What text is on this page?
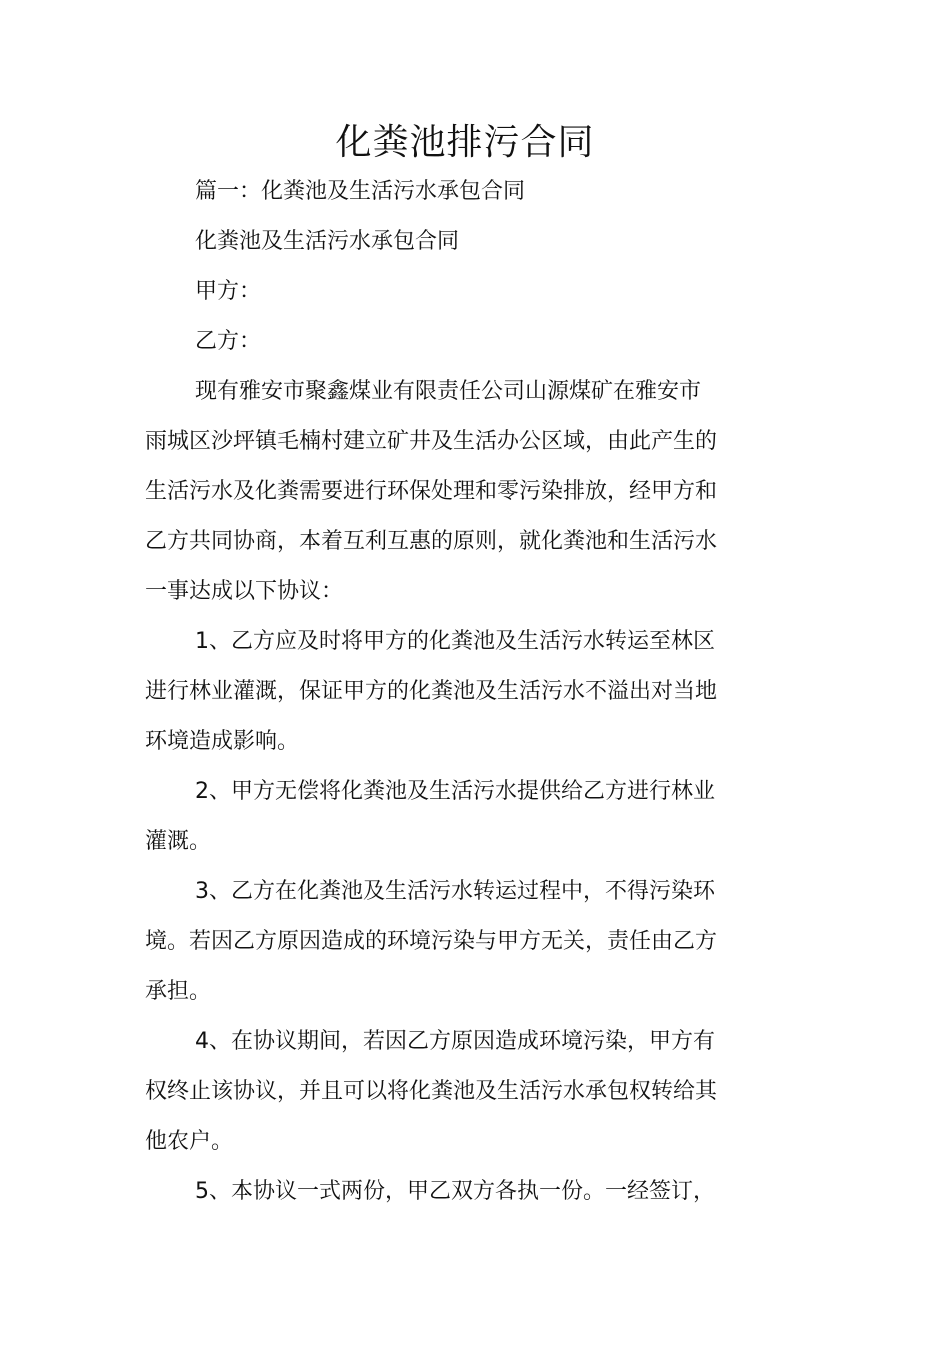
化粪池排污合同
篇一：化粪池及生活污水承包合同
化粪池及生活污水承包合同
甲方：
乙方：
现有雅安市聚鑫煤业有限责任公司山源煤矿在雅安市
雨城区沙坪镇毛楠村建立矿井及生活办公区域，由此产生的
生活污水及化粪需要进行环保处理和零污染排放，经甲方和
乙方共同协商，本着互利互惠的原则，就化粪池和生活污水
一事达成以下协议：
1、乙方应及时将甲方的化粪池及生活污水转运至林区
进行林业灌溉，保证甲方的化粪池及生活污水不溢出对当地
环境造成影响。
2、甲方无偿将化粪池及生活污水提供给乙方进行林业
灌溉。
3、乙方在化粪池及生活污水转运过程中，不得污染环
境。若因乙方原因造成的环境污染与甲方无关，责任由乙方
承担。
4、在协议期间，若因乙方原因造成环境污染，甲方有
权终止该协议，并且可以将化粪池及生活污水承包权转给其
他农户。
5、本协议一式两份，甲乙双方各执一份。一经签订，
